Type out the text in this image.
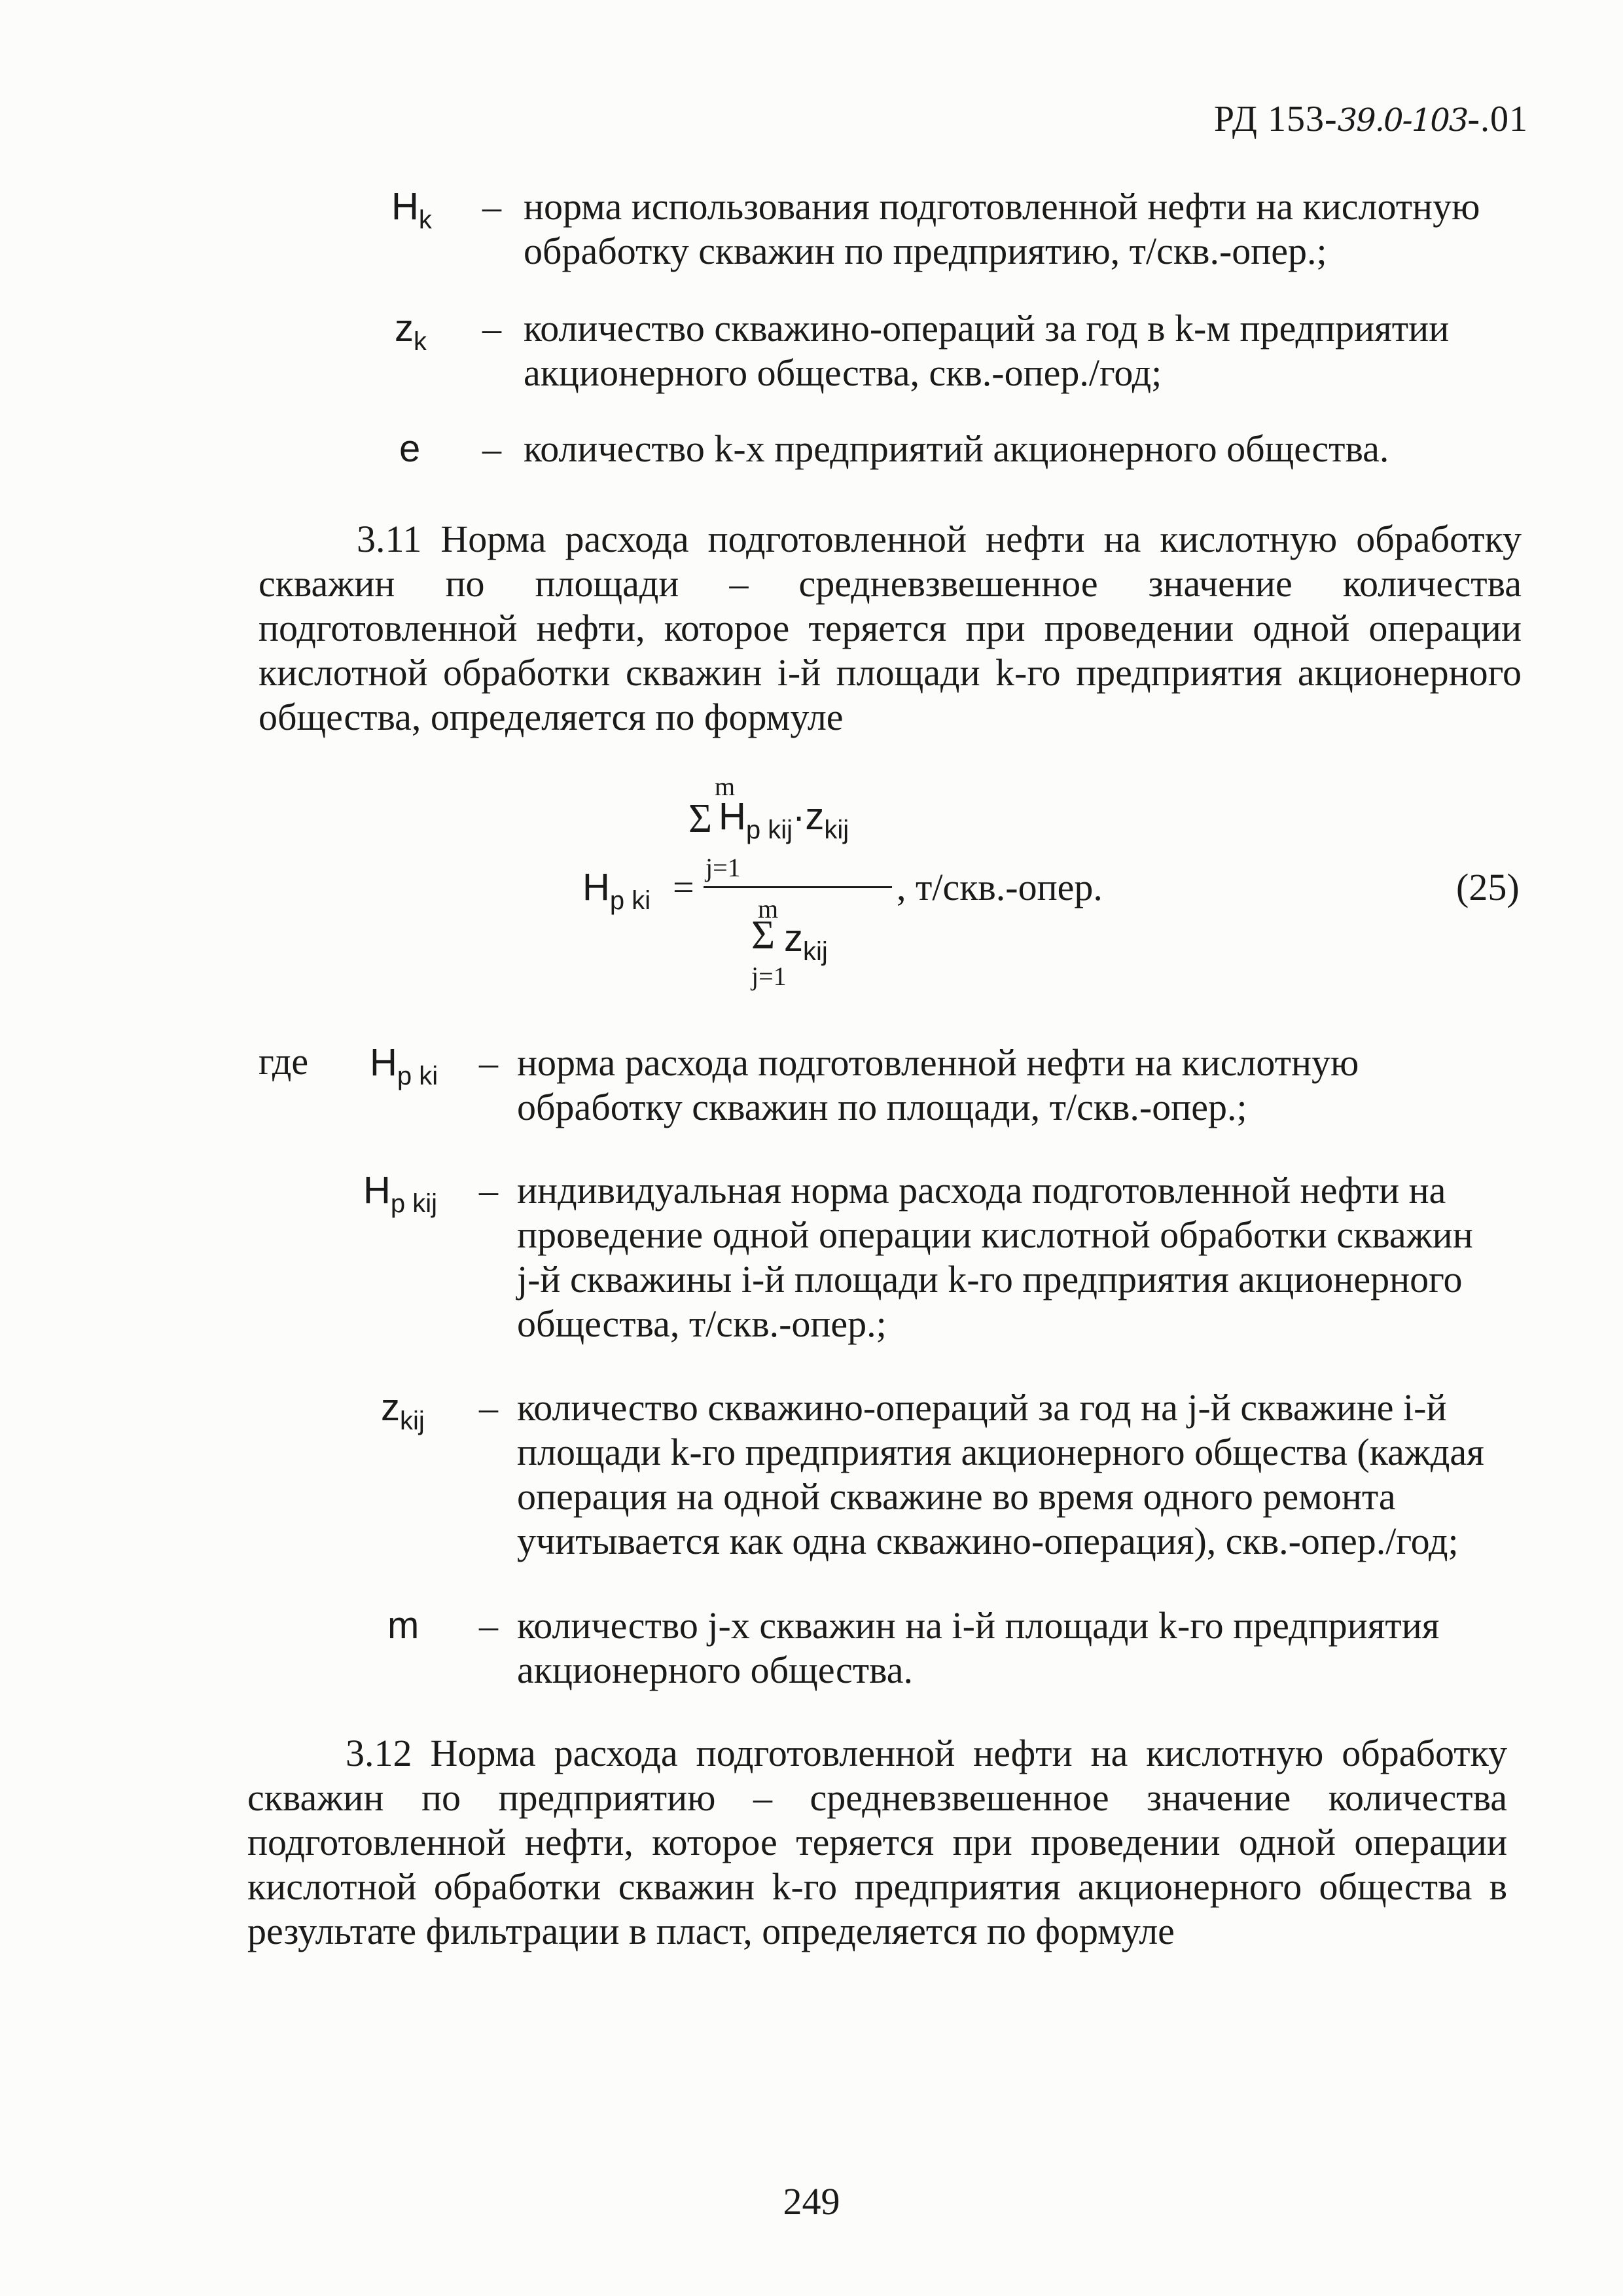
РД 153-39.0-103-.01
$H_k$ – норма использования подготовленной нефти на кислотную обработку скважин по предприятию, т/скв.-опер.;
$z_k$ – количество скважино-операций за год в k-м предприятии акционерного общества, скв.-опер./год;
e – количество k-х предприятий акционерного общества.

3.11 Норма расхода подготовленной нефти на кислотную обработку скважин по площади – средневзвешенное значение количества подготовленной нефти, которое теряется при проведении одной операции кислотной обработки скважин i-й площади k-го предприятия акционерного общества, определяется по формуле

m
Σ $H_{p kij}\cdot z_{kij}$
j=1
$H_{p ki}$ =	, т/скв.-опер.	(25)
m
Σ $z_{kij}$
j=1
где $H_{p ki}$ – норма расхода подготовленной нефти на кислотную обработку скважин по площади, т/скв.-опер.;
$H_{p kij}$ – индивидуальная норма расхода подготовленной нефти на проведение одной операции кислотной обработки скважин j-й скважины i-й площади k-го предприятия акционерного общества, т/скв.-опер.;
$z_{kij}$ – количество скважино-операций за год на j-й скважине i-й площади k-го предприятия акционерного общества (каждая операция на одной скважине во время одного ремонта учитывается как одна скважино-операция), скв.-опер./год;
m – количество j-х скважин на i-й площади k-го предприятия акционерного общества.

3.12 Норма расхода подготовленной нефти на кислотную обработку скважин по предприятию – средневзвешенное значение количества подготовленной нефти, которое теряется при проведении одной операции кислотной обработки скважин k-го предприятия акционерного общества в результате фильтрации в пласт, определяется по формуле

249
